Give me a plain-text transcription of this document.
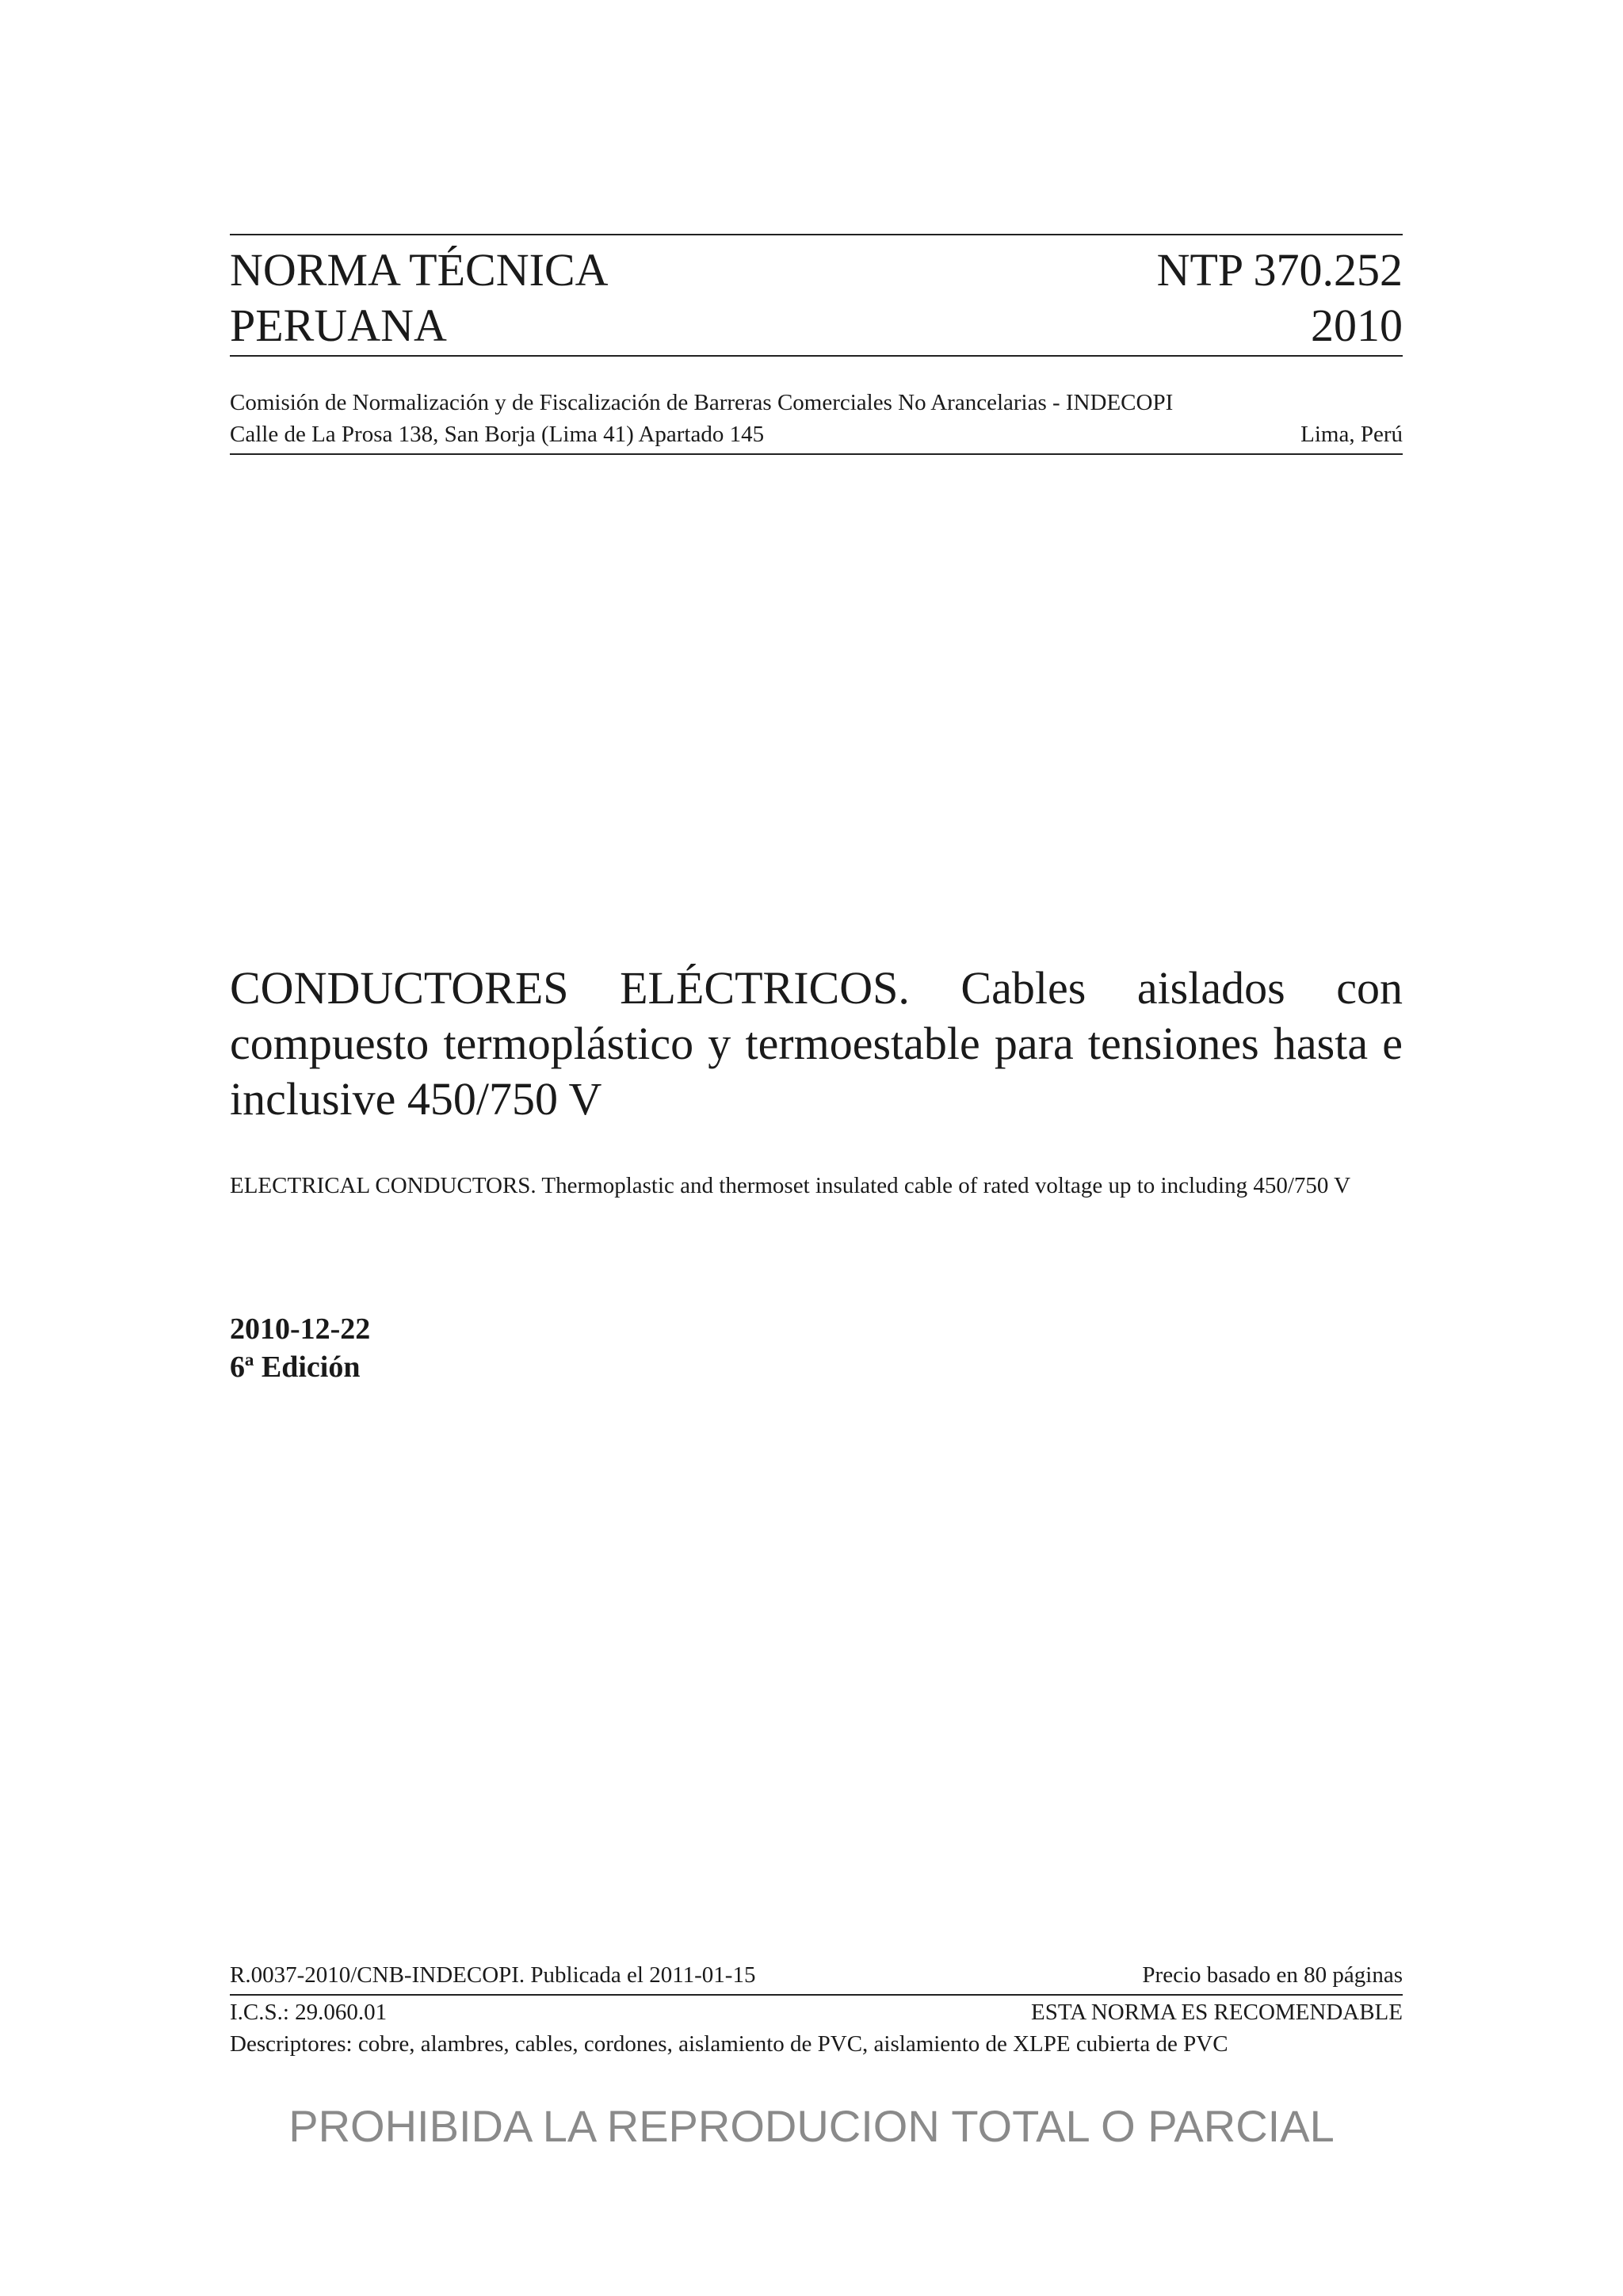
NORMA TÉCNICA	NTP 370.252
PERUANA	2010
Comisión de Normalización y de Fiscalización de Barreras Comerciales No Arancelarias - INDECOPI
Calle de La Prosa 138, San Borja (Lima 41) Apartado 145	Lima, Perú
CONDUCTORES ELÉCTRICOS. Cables aislados con compuesto termoplástico y termoestable para tensiones hasta e inclusive 450/750 V
ELECTRICAL CONDUCTORS. Thermoplastic and thermoset insulated cable of rated voltage up to including 450/750 V
2010-12-22
6ª Edición
R.0037-2010/CNB-INDECOPI. Publicada el 2011-01-15	Precio basado en 80 páginas
I.C.S.: 29.060.01	ESTA NORMA ES RECOMENDABLE
Descriptores: cobre, alambres, cables, cordones, aislamiento de PVC, aislamiento de XLPE cubierta de PVC
PROHIBIDA LA REPRODUCION TOTAL O PARCIAL
